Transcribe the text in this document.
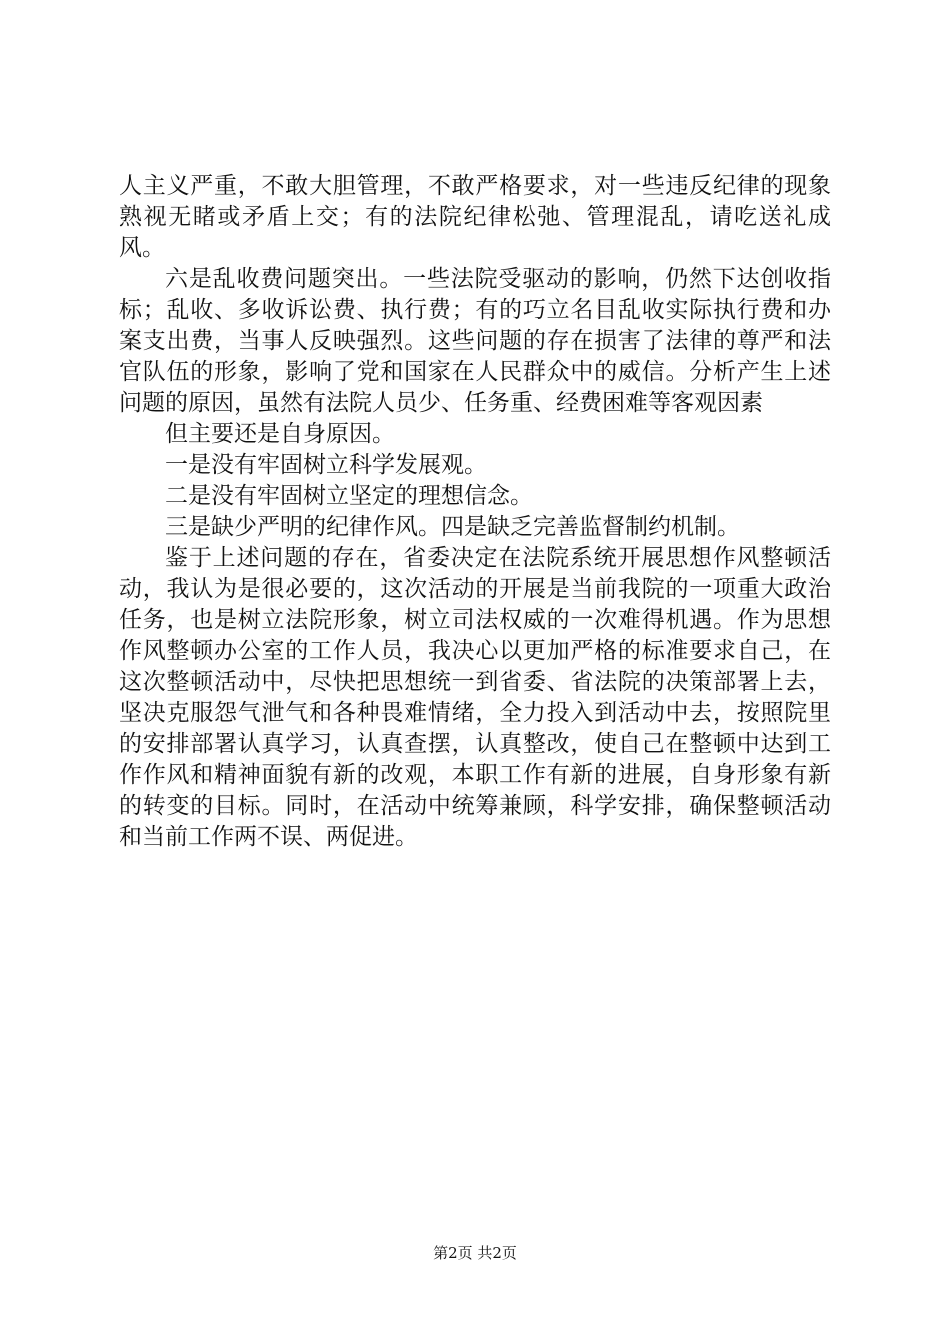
人主义严重，不敢大胆管理，不敢严格要求，对一些违反纪律的现象熟视无睹或矛盾上交；有的法院纪律松弛、管理混乱，请吃送礼成风。

六是乱收费问题突出。一些法院受驱动的影响，仍然下达创收指标；乱收、多收诉讼费、执行费；有的巧立名目乱收实际执行费和办案支出费，当事人反映强烈。这些问题的存在损害了法律的尊严和法官队伍的形象，影响了党和国家在人民群众中的威信。分析产生上述问题的原因，虽然有法院人员少、任务重、经费困难等客观因素

但主要还是自身原因。

一是没有牢固树立科学发展观。

二是没有牢固树立坚定的理想信念。

三是缺少严明的纪律作风。四是缺乏完善监督制约机制。

鉴于上述问题的存在，省委决定在法院系统开展思想作风整顿活动，我认为是很必要的，这次活动的开展是当前我院的一项重大政治任务，也是树立法院形象，树立司法权威的一次难得机遇。作为思想作风整顿办公室的工作人员，我决心以更加严格的标准要求自己，在这次整顿活动中，尽快把思想统一到省委、省法院的决策部署上去，坚决克服怨气泄气和各种畏难情绪，全力投入到活动中去，按照院里的安排部署认真学习，认真查摆，认真整改，使自己在整顿中达到工作作风和精神面貌有新的改观，本职工作有新的进展，自身形象有新的转变的目标。同时，在活动中统筹兼顾，科学安排，确保整顿活动和当前工作两不误、两促进。

第2页 共2页
